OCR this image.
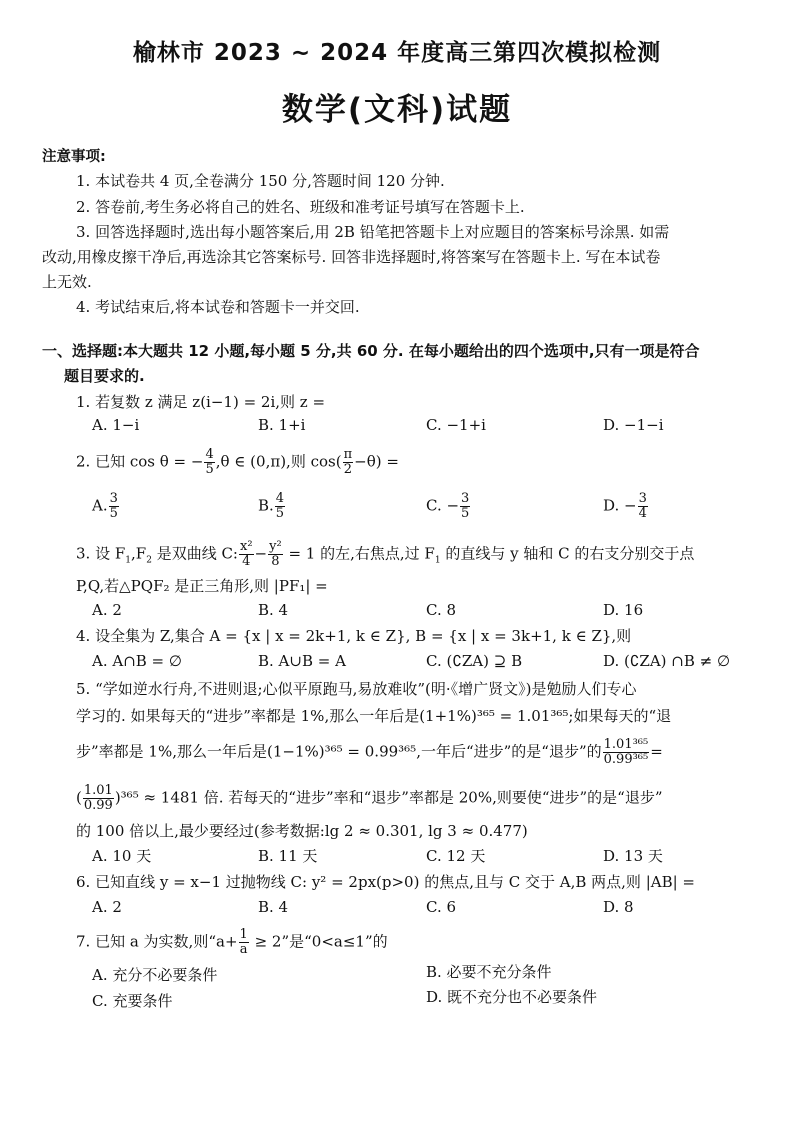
榆林市 2023 ~ 2024 年度高三第四次模拟检测
数学(文科)试题
注意事项:
1. 本试卷共 4 页,全卷满分 150 分,答题时间 120 分钟.
2. 答卷前,考生务必将自己的姓名、班级和准考证号填写在答题卡上.
3. 回答选择题时,选出每小题答案后,用 2B 铅笔把答题卡上对应题目的答案标号涂黑. 如需
改动,用橡皮擦干净后,再选涂其它答案标号. 回答非选择题时,将答案写在答题卡上. 写在本试卷
上无效.
4. 考试结束后,将本试卷和答题卡一并交回.
一、选择题:本大题共 12 小题,每小题 5 分,共 60 分. 在每小题给出的四个选项中,只有一项是符合
题目要求的.
1. 若复数 z 满足 z(i−1) = 2i,则 z =
A. 1−i	B. 1+i	C. −1+i	D. −1−i
2. 已知 cos θ = − $\frac{4}{5} ,\theta$ ∈ (0,π),则 $\cos( \frac{\pi}{2} -\theta)$ =
A. $\frac{3}{5}$	B. $\frac{4}{5}$	C. − $\frac{3}{5}$	D. − $\frac{3}{4}$
3. 设 $F_1,F_2$ 是双曲线 C: $\frac{\text{x²}}{4} - \frac{\text{y²}}{8} = 1$ 的左,右焦点,过 $F_1$ 的直线与 y 轴和 C 的右支分别交于点
P,Q,若△PQF₂ 是正三角形,则 |PF₁| =
A. 2	B. 4	C. 8	D. 16
4. 设全集为 Z,集合 A = {x | x = 2k+1, k ∈ Z}, B = {x | x = 3k+1, k ∈ Z},则
A. A∩B = ∅	B. A∪B = A	C. (∁ZA) ⊇ B	D. (∁ZA) ∩B ≠ ∅
5. “学如逆水行舟,不进则退;心似平原跑马,易放难收”(明·《增广贤文》)是勉励人们专心
学习的. 如果每天的“进步”率都是 1%,那么一年后是(1+1%)³⁶⁵ = 1.01³⁶⁵;如果每天的“退
步”率都是 1%,那么一年后是(1−1%)³⁶⁵ = 0.99³⁶⁵,一年后“进步”的是“退步”的 $\frac{\text{1.01³⁶⁵}}{\text{0.99³⁶⁵}}$ =
( $\frac{1.01}{0.99} )^{365} \approx 1481$ 倍. 若每天的“进步”率和“退步”率都是 20%,则要使“进步”的是“退步”
的 100 倍以上,最少要经过(参考数据:lg 2 ≈ 0.301, lg 3 ≈ 0.477)
A. 10 天	B. 11 天	C. 12 天	D. 13 天
6. 已知直线 y = x−1 过抛物线 C: y² = 2px(p>0) 的焦点,且与 C 交于 A,B 两点,则 |AB| =
A. 2	B. 4	C. 6	D. 8
7. 已知 a 为实数,则“$a+ \frac{1}{a} \ge 2$”是“0<a≤1”的
A. 充分不必要条件	B. 必要不充分条件
C. 充要条件	D. 既不充分也不必要条件
